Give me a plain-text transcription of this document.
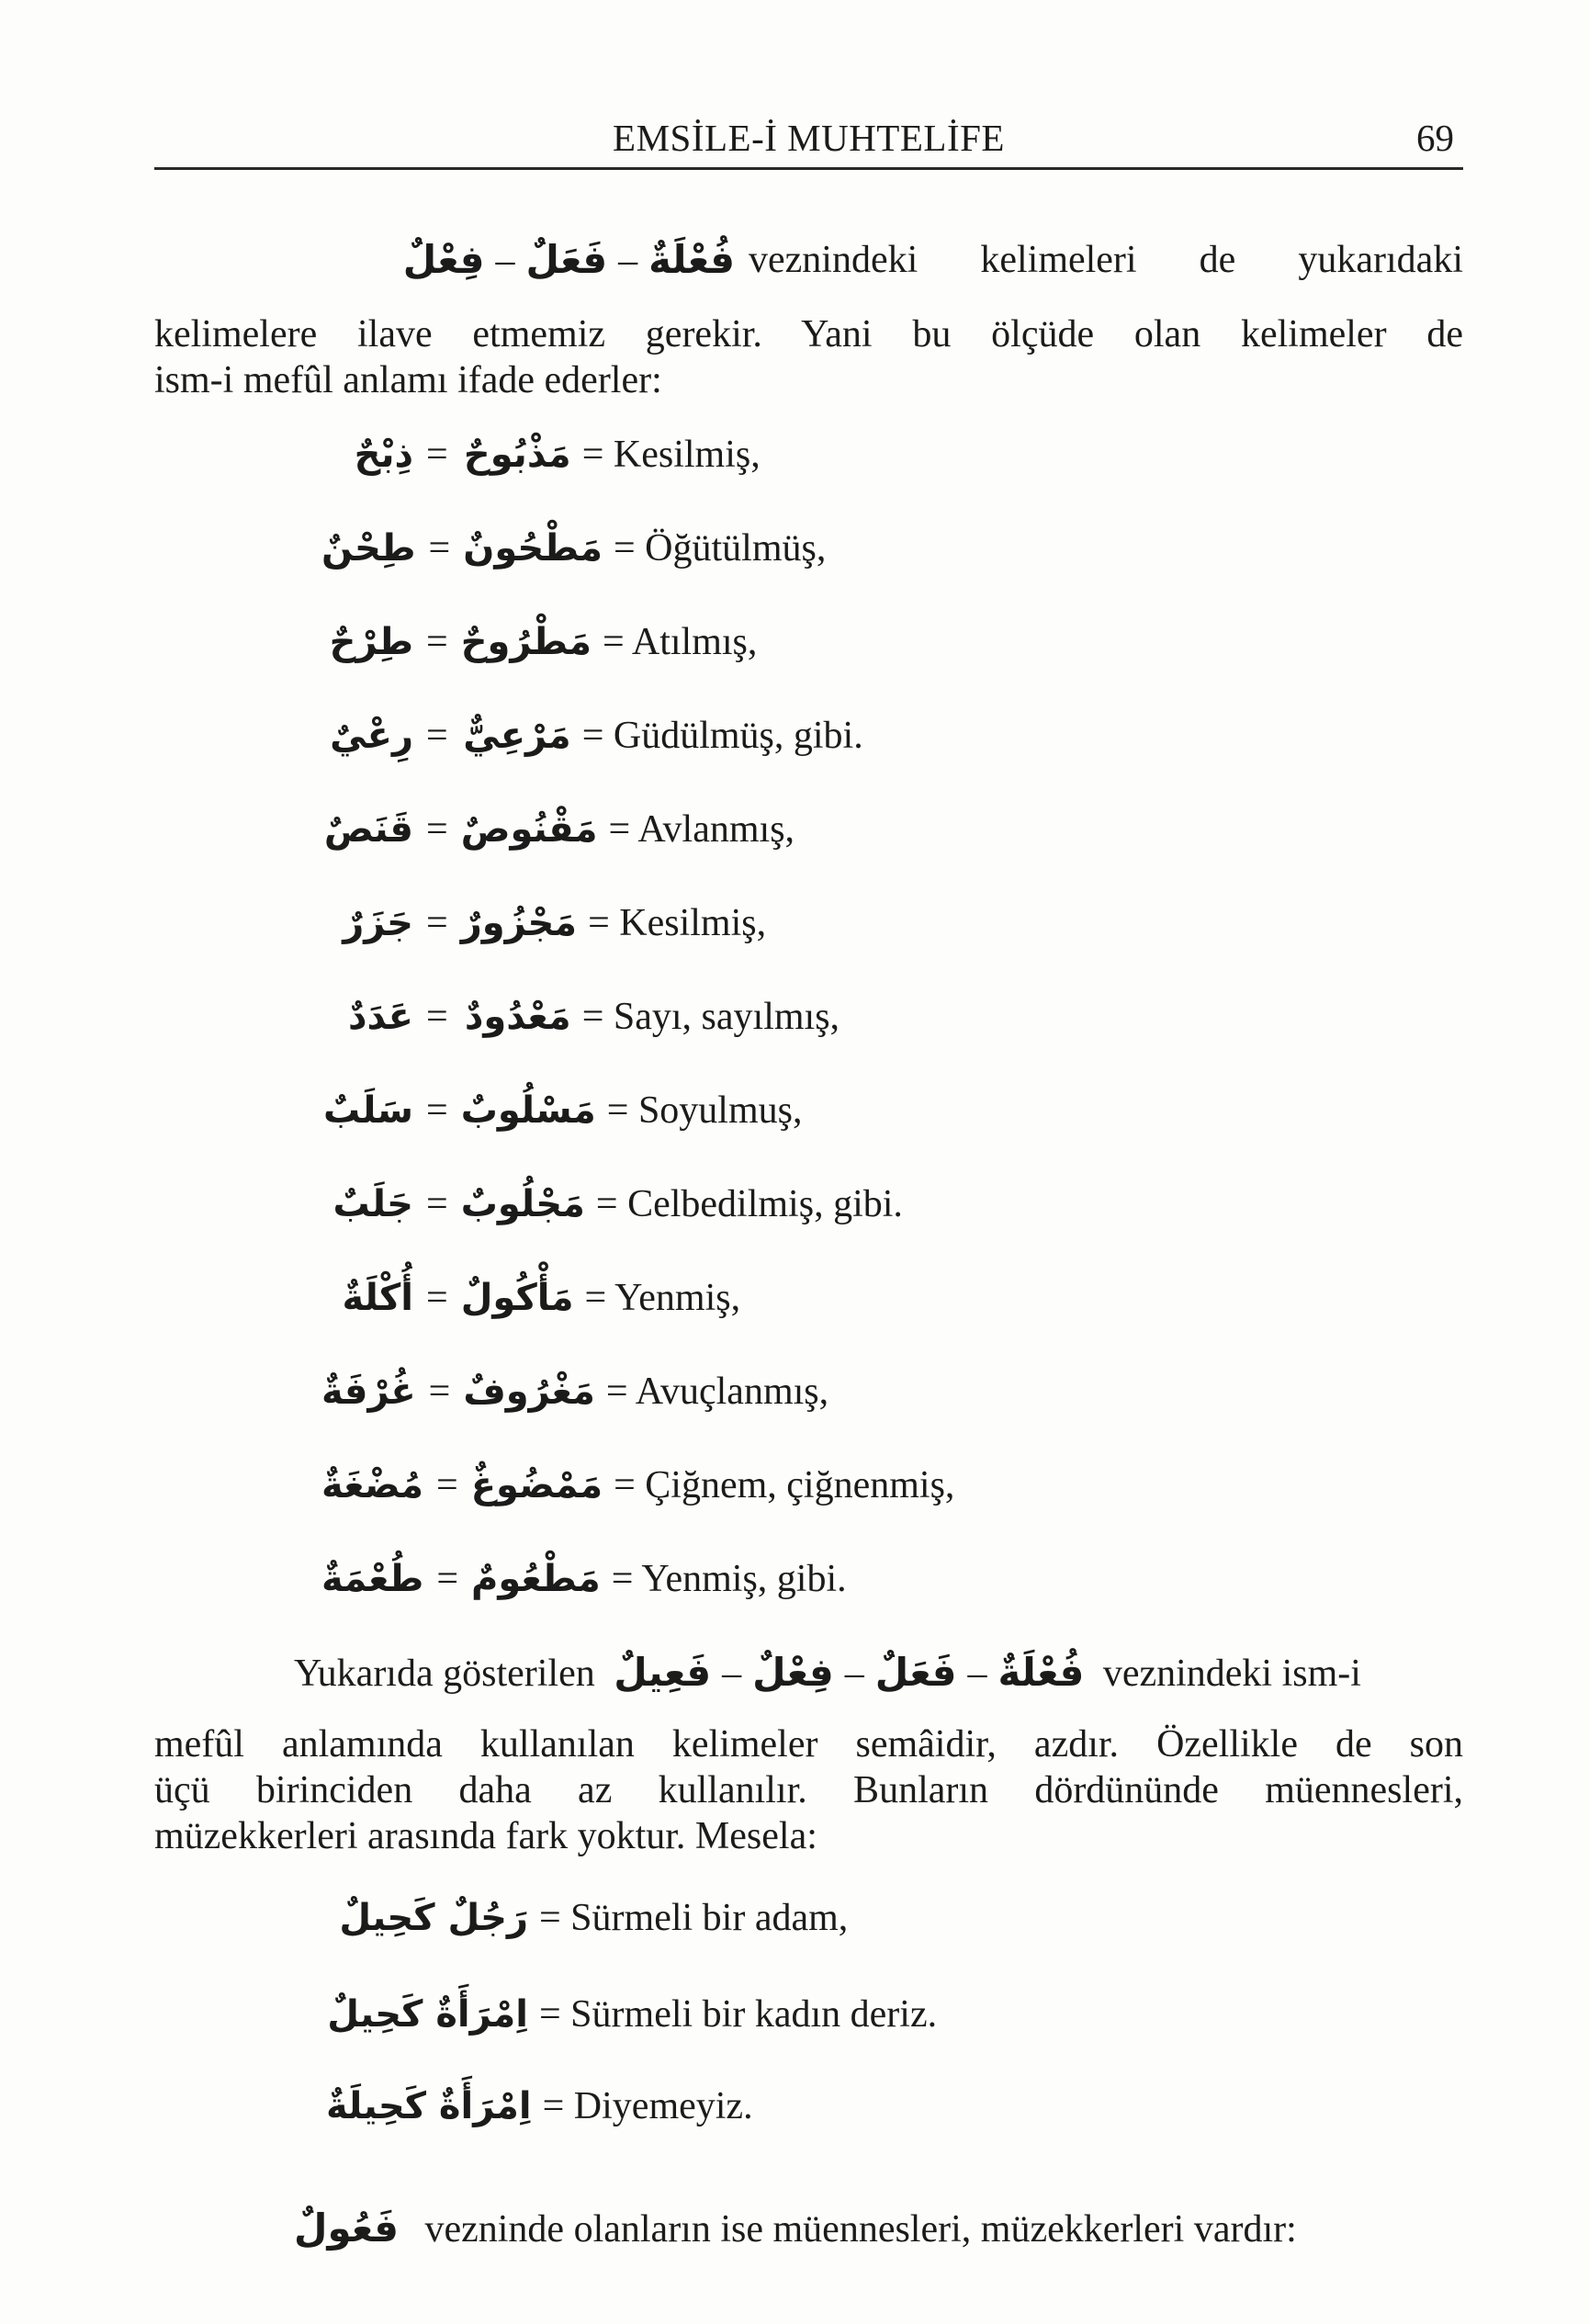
EMSİLE-İ MUHTELİFE	69
فُعْلَةٌ–فَعَلٌ–فِعْلٌ	veznindeki kelimeleri de yukarıdaki
kelimelere ilave etmemiz gerekir. Yani bu ölçüde olan kelimeler de
ism-i mefûl anlamı ifade ederler:
ذِبْحٌ = مَذْبُوحٌ = Kesilmiş,
طِحْنٌ = مَطْحُونٌ = Öğütülmüş,
طِرْحٌ = مَطْرُوحٌ = Atılmış,
رِعْيٌ = مَرْعِيٌّ = Güdülmüş, gibi.
قَنَصٌ = مَقْنُوصٌ = Avlanmış,
جَزَرٌ = مَجْزُورٌ = Kesilmiş,
عَدَدٌ = مَعْدُودٌ = Sayı, sayılmış,
سَلَبٌ = مَسْلُوبٌ = Soyulmuş,
جَلَبٌ = مَجْلُوبٌ = Celbedilmiş, gibi.
أُكْلَةٌ = مَأْكُولٌ = Yenmiş,
غُرْفَةٌ = مَغْرُوفٌ = Avuçlanmış,
مُضْغَةٌ = مَمْضُوغٌ = Çiğnem, çiğnenmiş,
طُعْمَةٌ = مَطْعُومٌ = Yenmiş, gibi.
Yukarıda gösterilen	فُعْلَةٌ–فَعَلٌ–فِعْلٌ–فَعِيلٌ	veznindeki ism-i
mefûl anlamında kullanılan kelimeler semâidir, azdır. Özellikle de son
üçü birinciden daha az kullanılır. Bunların dördününde müennesleri,
müzekkerleri arasında fark yoktur. Mesela:
رَجُلٌ كَحِيلٌ = Sürmeli bir adam,
اِمْرَأَةٌ كَحِيلٌ = Sürmeli bir kadın deriz.
اِمْرَأَةٌ كَحِيلَةٌ = Diyemeyiz.
فَعُولٌ vezninde olanların ise müennesleri, müzekkerleri vardır:
